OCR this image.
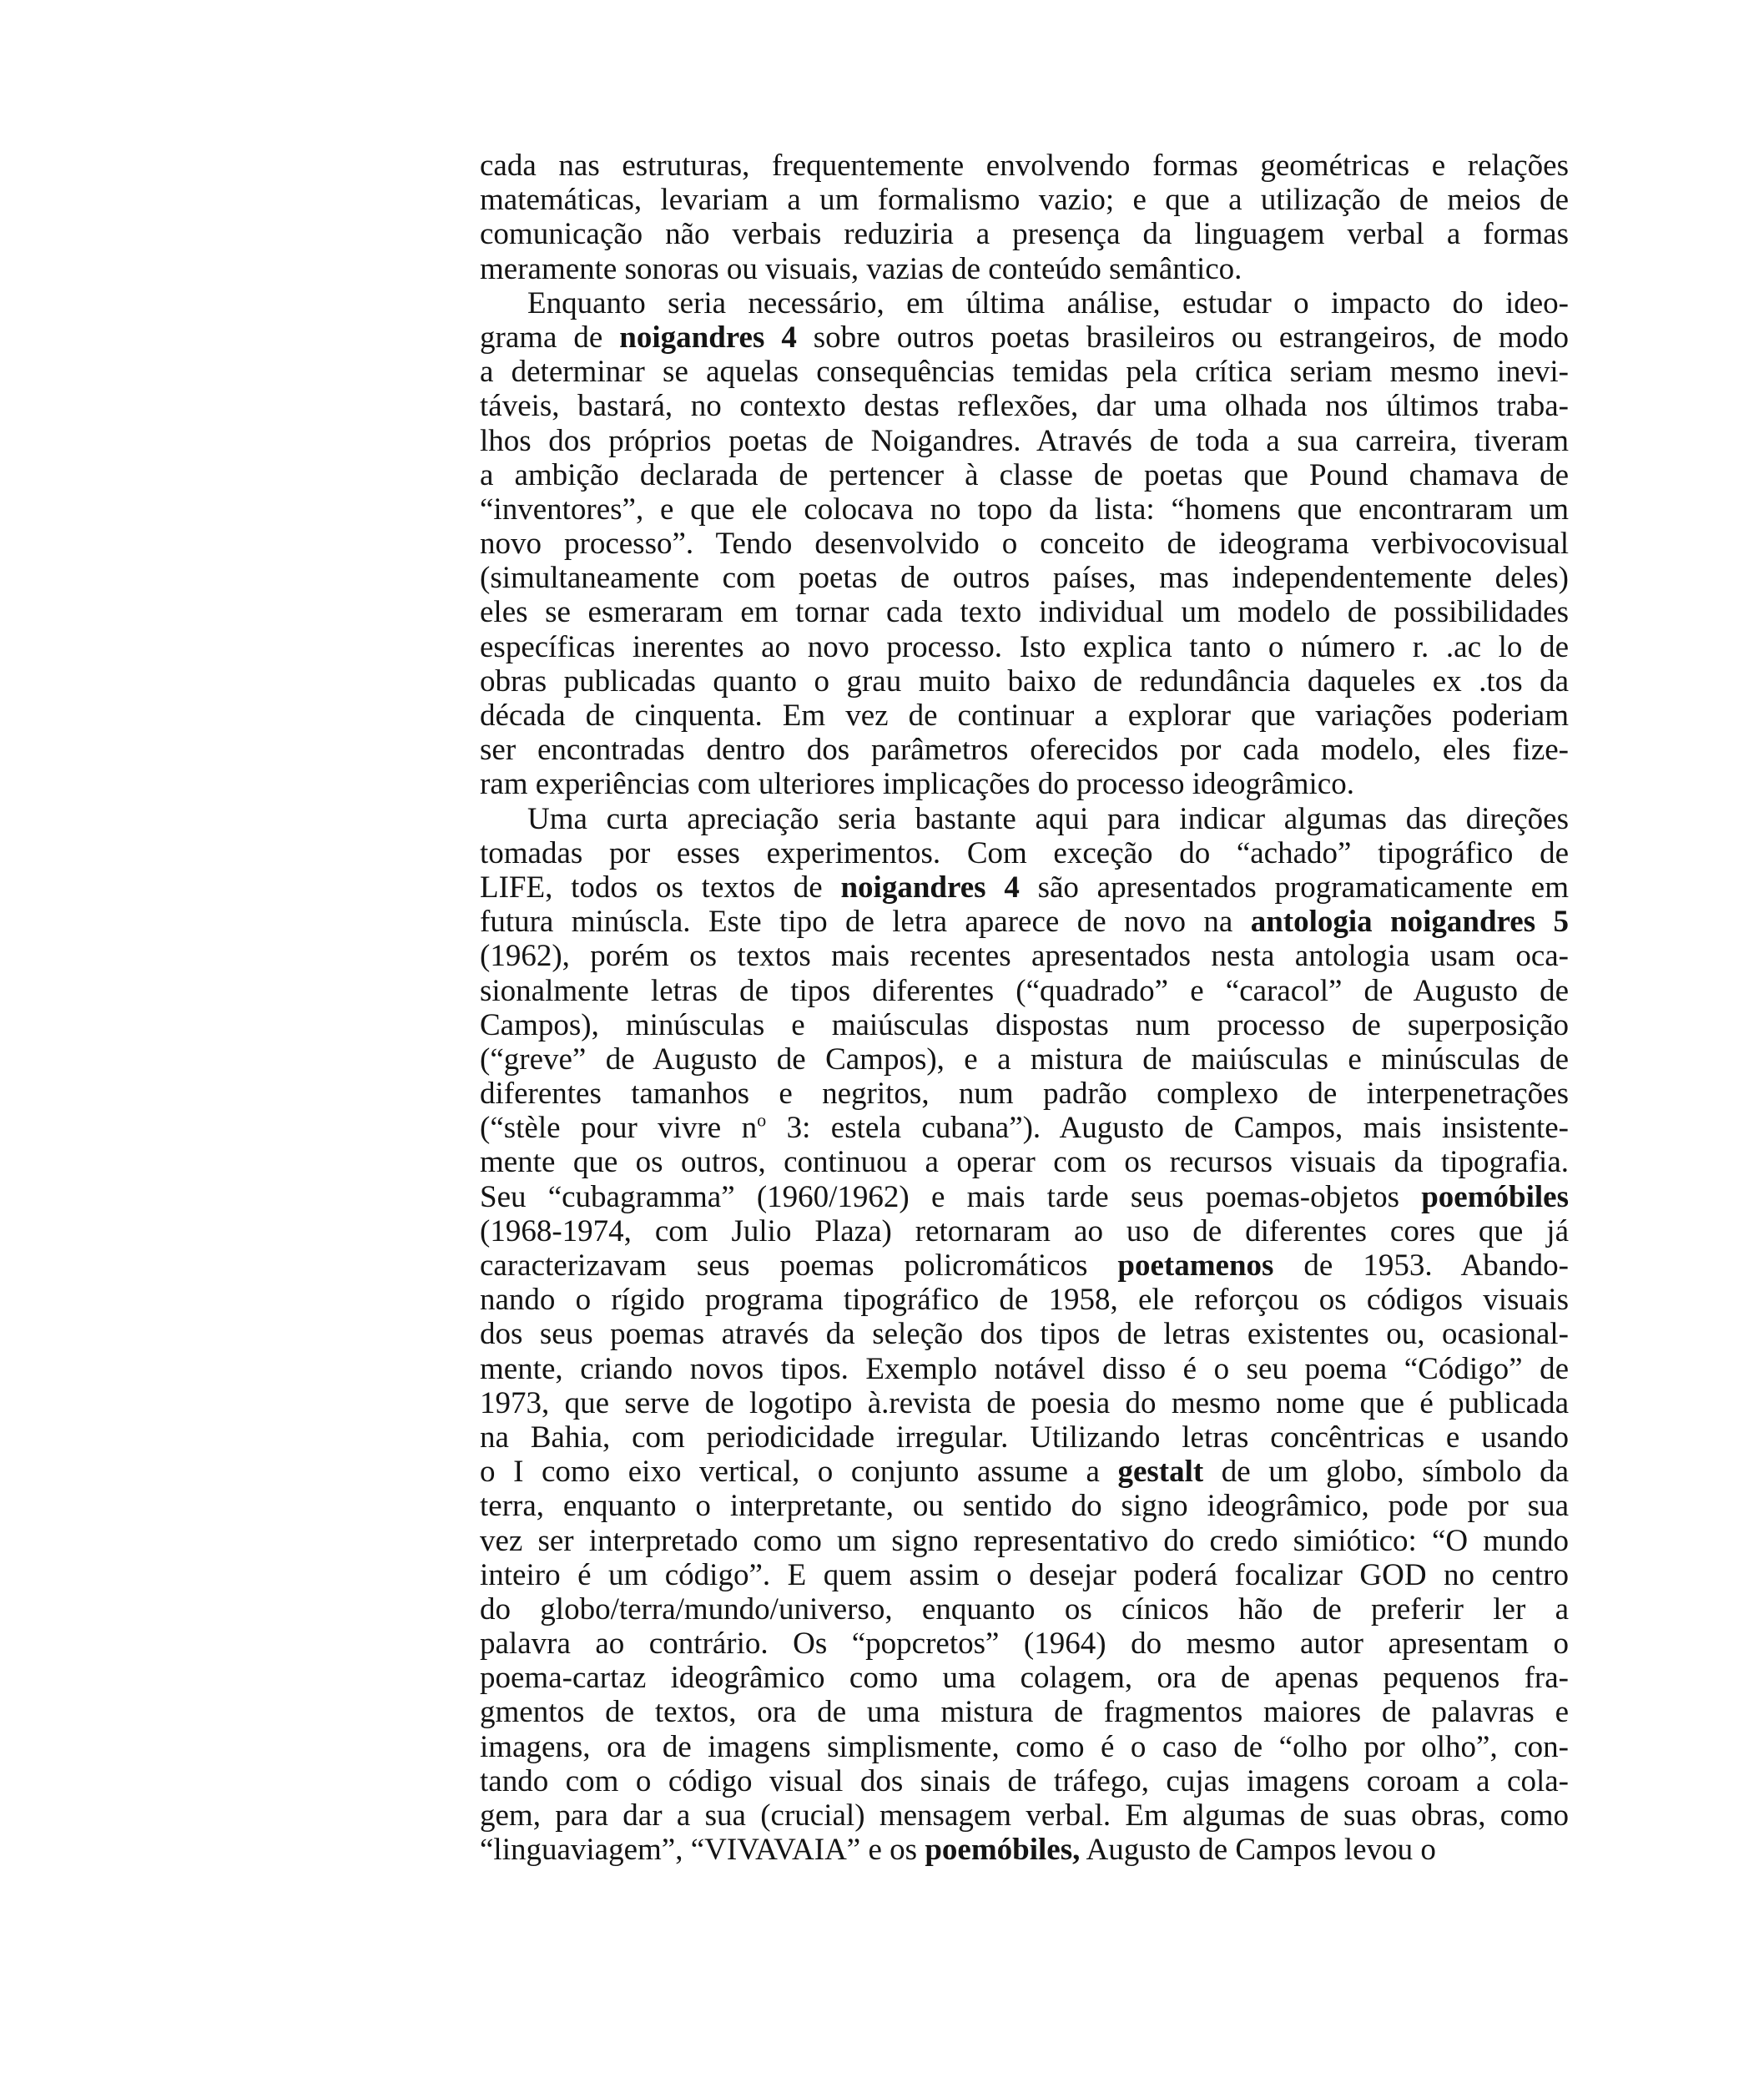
cada nas estruturas, frequentemente envolvendo formas geométricas e relações
matemáticas, levariam a um formalismo vazio; e que a utilização de meios de
comunicação não verbais reduziria a presença da linguagem verbal a formas
meramente sonoras ou visuais, vazias de conteúdo semântico.
Enquanto seria necessário, em última análise, estudar o impacto do ideo-
grama de noigandres 4 sobre outros poetas brasileiros ou estrangeiros, de modo
a determinar se aquelas consequências temidas pela crítica seriam mesmo inevi-
táveis, bastará, no contexto destas reflexões, dar uma olhada nos últimos traba-
lhos dos próprios poetas de Noigandres. Através de toda a sua carreira, tiveram
a ambição declarada de pertencer à classe de poetas que Pound chamava de
“inventores”, e que ele colocava no topo da lista: “homens que encontraram um
novo processo”. Tendo desenvolvido o conceito de ideograma verbivocovisual
(simultaneamente com poetas de outros países, mas independentemente deles)
eles se esmeraram em tornar cada texto individual um modelo de possibilidades
específicas inerentes ao novo processo. Isto explica tanto o número r. .ac lo de
obras publicadas quanto o grau muito baixo de redundância daqueles ex .tos da
década de cinquenta. Em vez de continuar a explorar que variações poderiam
ser encontradas dentro dos parâmetros oferecidos por cada modelo, eles fize-
ram experiências com ulteriores implicações do processo ideogrâmico.
Uma curta apreciação seria bastante aqui para indicar algumas das direções
tomadas por esses experimentos. Com exceção do “achado” tipográfico de
LIFE, todos os textos de noigandres 4 são apresentados programaticamente em
futura minúscla. Este tipo de letra aparece de novo na antologia noigandres 5
(1962), porém os textos mais recentes apresentados nesta antologia usam oca-
sionalmente letras de tipos diferentes (“quadrado” e “caracol” de Augusto de
Campos), minúsculas e maiúsculas dispostas num processo de superposição
(“greve” de Augusto de Campos), e a mistura de maiúsculas e minúsculas de
diferentes tamanhos e negritos, num padrão complexo de interpenetrações
(“stèle pour vivre $n^o$ 3: estela cubana”). Augusto de Campos, mais insistente-
mente que os outros, continuou a operar com os recursos visuais da tipografia.
Seu “cubagramma” (1960/1962) e mais tarde seus poemas-objetos poemóbiles
(1968-1974, com Julio Plaza) retornaram ao uso de diferentes cores que já
caracterizavam seus poemas policromáticos poetamenos de 1953. Abando-
nando o rígido programa tipográfico de 1958, ele reforçou os códigos visuais
dos seus poemas através da seleção dos tipos de letras existentes ou, ocasional-
mente, criando novos tipos. Exemplo notável disso é o seu poema “Código” de
1973, que serve de logotipo à.revista de poesia do mesmo nome que é publicada
na Bahia, com periodicidade irregular. Utilizando letras concêntricas e usando
o I como eixo vertical, o conjunto assume a gestalt de um globo, símbolo da
terra, enquanto o interpretante, ou sentido do signo ideogrâmico, pode por sua
vez ser interpretado como um signo representativo do credo simiótico: “O mundo
inteiro é um código”. E quem assim o desejar poderá focalizar GOD no centro
do globo/terra/mundo/universo, enquanto os cínicos hão de preferir ler a
palavra ao contrário. Os “popcretos” (1964) do mesmo autor apresentam o
poema-cartaz ideogrâmico como uma colagem, ora de apenas pequenos fra-
gmentos de textos, ora de uma mistura de fragmentos maiores de palavras e
imagens, ora de imagens simplismente, como é o caso de “olho por olho”, con-
tando com o código visual dos sinais de tráfego, cujas imagens coroam a cola-
gem, para dar a sua (crucial) mensagem verbal. Em algumas de suas obras, como
“linguaviagem”, “VIVAVAIA” e os poemóbiles, Augusto de Campos levou o
